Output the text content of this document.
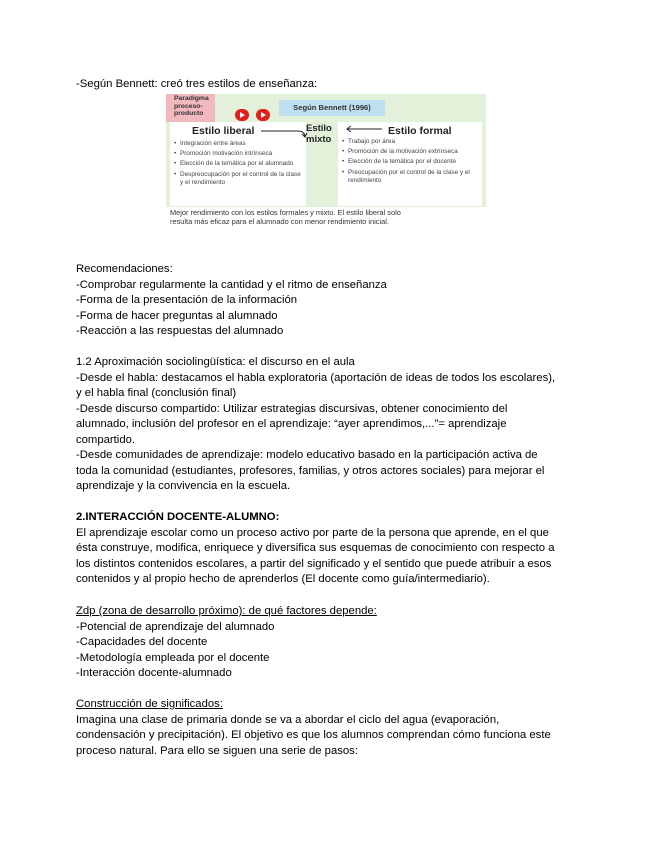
-Según Bennett: creó tres estilos de enseñanza:
Paradigma
proceso-
producto
Según Bennett (1996)
Estilo liberal
• Integración entre áreas
• Promoción motivación intrínseca
• Elección de la temática por el alumnado
• Despreocupación por el control de la clase y el rendimiento
Estilo
mixto
Estilo formal
• Trabajo por área
• Promoción de la motivación extrínseca
• Elección de la temática por el docente
• Preocupación por el control de la clase y el rendimiento
Mejor rendimiento con los estilos formales y mixto. El estilo liberal solo
resulta más eficaz para el alumnado con menor rendimiento inicial.
Recomendaciones:
-Comprobar regularmente la cantidad y el ritmo de enseñanza
-Forma de la presentación de la información
-Forma de hacer preguntas al alumnado
-Reacción a las respuestas del alumnado
1.2 Aproximación sociolingüística: el discurso en el aula
-Desde el habla: destacamos el habla exploratoria (aportación de ideas de todos los escolares),
y el habla final (conclusión final)
-Desde discurso compartido: Utilizar estrategias discursivas, obtener conocimiento del
alumnado, inclusión del profesor en el aprendizaje: “ayer aprendimos,...”= aprendizaje
compartido.
-Desde comunidades de aprendizaje: modelo educativo basado en la participación activa de
toda la comunidad (estudiantes, profesores, familias, y otros actores sociales) para mejorar el
aprendizaje y la convivencia en la escuela.
2.INTERACCIÓN DOCENTE-ALUMNO:
El aprendizaje escolar como un proceso activo por parte de la persona que aprende, en el que
ésta construye, modifica, enriquece y diversifica sus esquemas de conocimiento con respecto a
los distintos contenidos escolares, a partir del significado y el sentido que puede atribuir a esos
contenidos y al propio hecho de aprenderlos (El docente como guía/intermediario).
Zdp (zona de desarrollo próximo): de qué factores depende:
-Potencial de aprendizaje del alumnado
-Capacidades del docente
-Metodología empleada por el docente
-Interacción docente-alumnado
Construcción de significados:
Imagina una clase de primaria donde se va a abordar el ciclo del agua (evaporación,
condensación y precipitación). El objetivo es que los alumnos comprendan cómo funciona este
proceso natural. Para ello se siguen una serie de pasos:
